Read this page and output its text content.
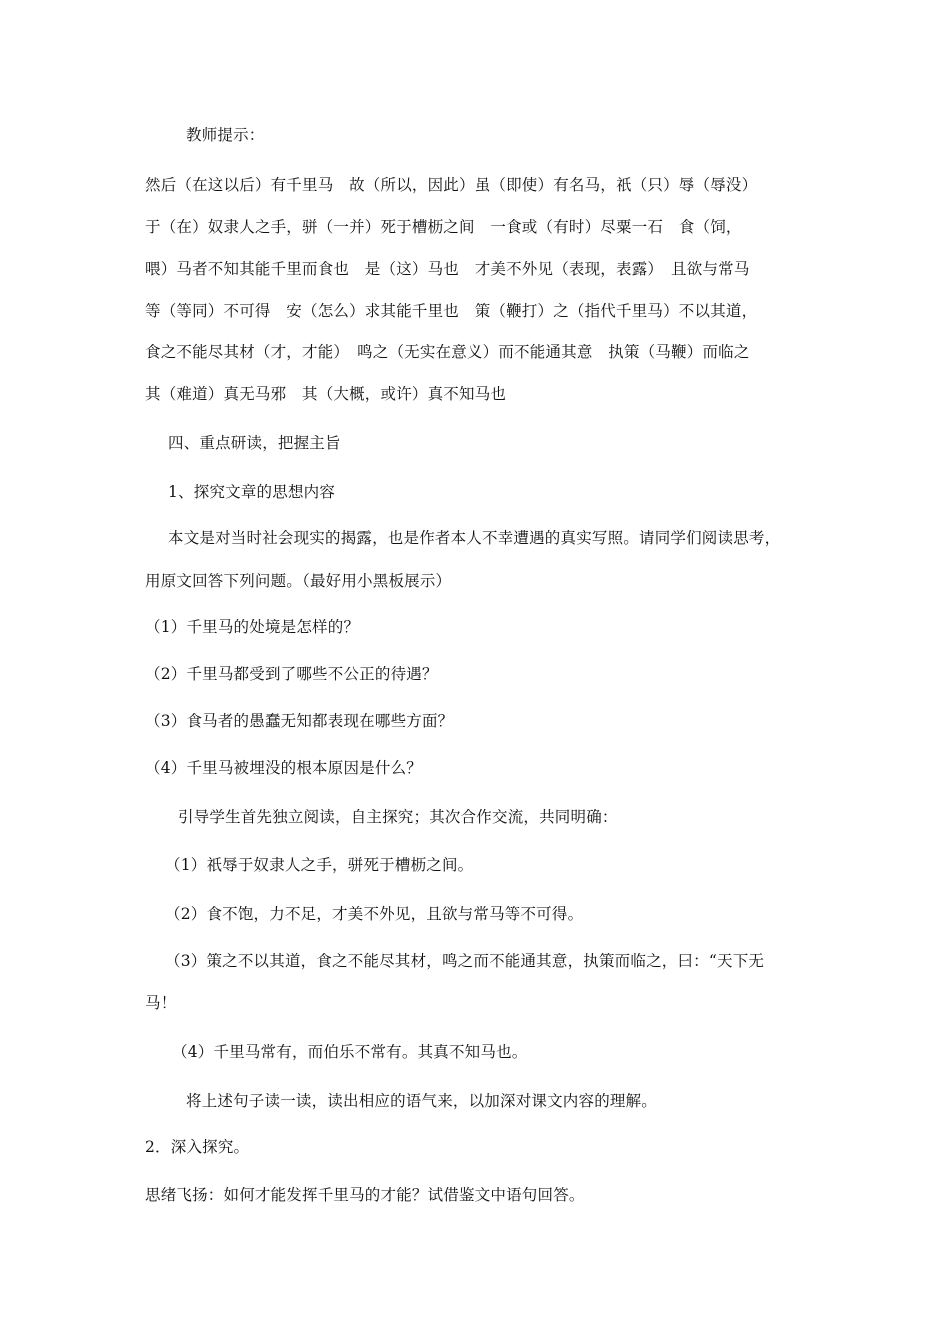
教师提示：
然后（在这以后）有千里马　故（所以，因此）虽（即使）有名马，祇（只）辱（辱没）
于（在）奴隶人之手，骈（一并）死于槽枥之间　一食或（有时）尽粟一石　食（饲，
喂）马者不知其能千里而食也　是（这）马也　才美不外见（表现，表露）　且欲与常马
等（等同）不可得　安（怎么）求其能千里也　策（鞭打）之（指代千里马）不以其道，
食之不能尽其材（才，才能）　鸣之（无实在意义）而不能通其意　执策（马鞭）而临之
其（难道）真无马邪　其（大概，或许）真不知马也
四、重点研读，把握主旨
1、探究文章的思想内容
本文是对当时社会现实的揭露，也是作者本人不幸遭遇的真实写照。请同学们阅读思考，
用原文回答下列问题。（最好用小黑板展示）
（1）千里马的处境是怎样的？
（2）千里马都受到了哪些不公正的待遇？
（3）食马者的愚蠢无知都表现在哪些方面？
（4）千里马被埋没的根本原因是什么？
引导学生首先独立阅读，自主探究；其次合作交流，共同明确：
（1）祇辱于奴隶人之手，骈死于槽枥之间。
（2）食不饱，力不足，才美不外见，且欲与常马等不可得。
（3）策之不以其道，食之不能尽其材，鸣之而不能通其意，执策而临之，曰：“天下无
马！
（4）千里马常有，而伯乐不常有。其真不知马也。
将上述句子读一读，读出相应的语气来，以加深对课文内容的理解。
2．深入探究。
思绪飞扬：如何才能发挥千里马的才能？试借鉴文中语句回答。
